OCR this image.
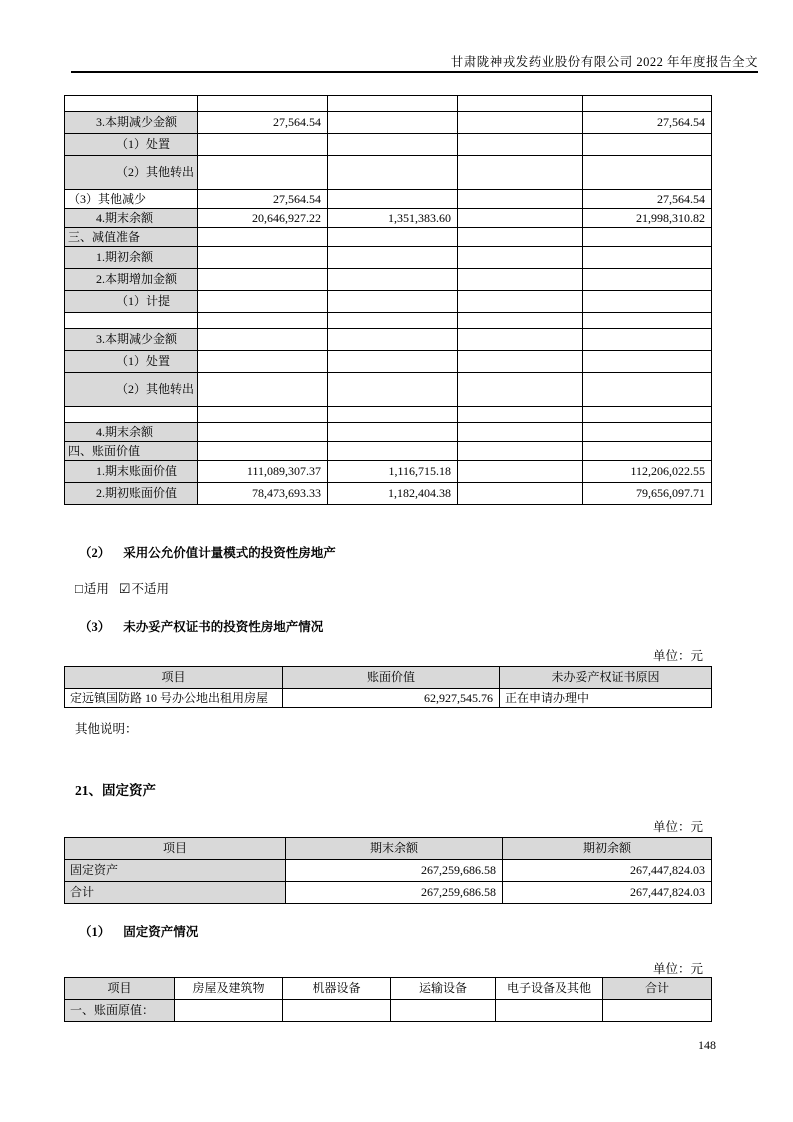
甘肃陇神戎发药业股份有限公司 2022 年年度报告全文

3.本期减少金额	27,564.54			27,564.54
（1）处置				
（2）其他转出				
（3）其他减少	27,564.54			27,564.54
4.期末余额	20,646,927.22	1,351,383.60		21,998,310.82
三、减值准备				
1.期初余额				
2.本期增加金额				
（1）计提				

3.本期减少金额				
（1）处置				
（2）其他转出				

4.期末余额				
四、账面价值				
1.期末账面价值	111,089,307.37	1,116,715.18		112,206,022.55
2.期初账面价值	78,473,693.33	1,182,404.38		79,656,097.71
（2） 采用公允价值计量模式的投资性房地产
□适用 ☑不适用
（3） 未办妥产权证书的投资性房地产情况
单位：元
项目	账面价值	未办妥产权证书原因
定远镇国防路 10 号办公地出租用房屋	62,927,545.76	正在申请办理中
其他说明：
21、固定资产
单位：元
项目	期末余额	期初余额
固定资产	267,259,686.58	267,447,824.03
合计	267,259,686.58	267,447,824.03
（1） 固定资产情况
单位：元
项目	房屋及建筑物	机器设备	运输设备	电子设备及其他	合计
一、账面原值：					
148
